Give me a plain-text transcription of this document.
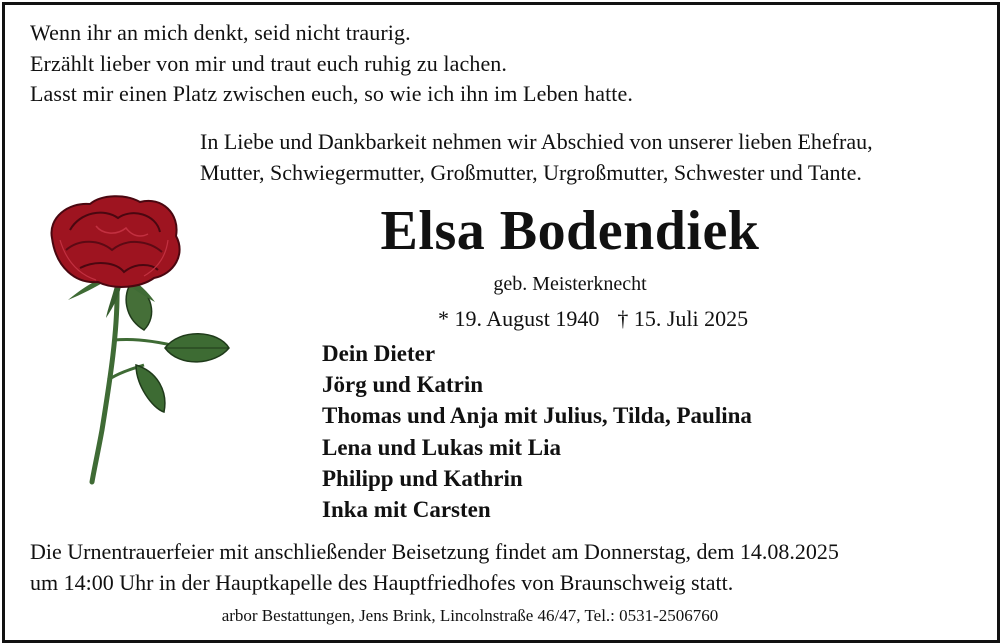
Wenn ihr an mich denkt, seid nicht traurig.
Erzählt lieber von mir und traut euch ruhig zu lachen.
Lasst mir einen Platz zwischen euch, so wie ich ihn im Leben hatte.
In Liebe und Dankbarkeit nehmen wir Abschied von unserer lieben Ehefrau,
Mutter, Schwiegermutter, Großmutter, Urgroßmutter, Schwester und Tante.
Elsa Bodendiek
geb. Meisterknecht
* 19. August 1940 † 15. Juli 2025
Dein Dieter
Jörg und Katrin
Thomas und Anja mit Julius, Tilda, Paulina
Lena und Lukas mit Lia
Philipp und Kathrin
Inka mit Carsten
Die Urnentrauerfeier mit anschließender Beisetzung findet am Donnerstag, dem 14.08.2025
um 14:00 Uhr in der Hauptkapelle des Hauptfriedhofes von Braunschweig statt.
arbor Bestattungen, Jens Brink, Lincolnstraße 46/47, Tel.: 0531-2506760
